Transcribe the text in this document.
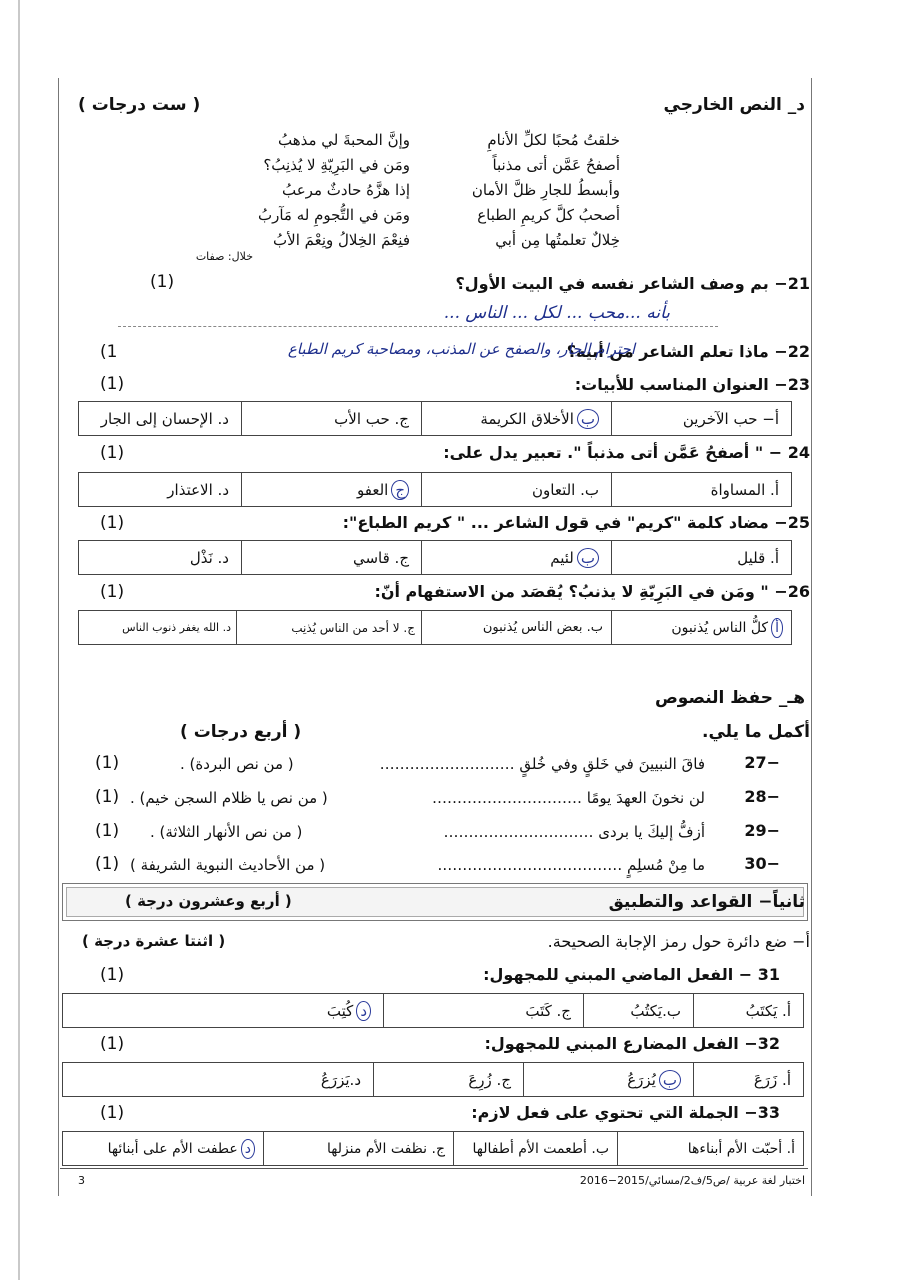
د_ النص الخارجي
( ست درجات )
خلقتُ مُحبًا لكلِّ الأنامِ
أصفحُ عَمَّن أتى مذنباً
وأبسطُ للجارِ ظلَّ الأمان
أصحبُ كلَّ كريمِ الطباع
خِلالٌ تعلمتُها مِن أبي
وإنَّ المحبةَ لي مذهبُ
ومَن في البَرِيّةِ لا يُذنِبُ؟
إذا هزَّهُ حادثٌ مرعبُ
ومَن في التُّجومِ له مَآربُ
فنِعْمَ الخِلالُ ونِعْمَ الأبُ
خلال: صفات
21− بم وصف الشاعر نفسه في البيت الأول؟
(1)
بأنه ...محب ... لكل ... الناس ...
22− ماذا تعلم الشاعر من أبيه؟
(1	احترام الجار، والصفح عن المذنب، ومصاحبة كريم الطباع
23− العنوان المناسب للأبيات:
(1)
أ− حب الآخرين
ب
الأخلاق الكريمة
ج. حب الأب
د. الإحسان إلى الجار
24 − " أصفحُ عَمَّن أتى مذنباً ". تعبير يدل على:
(1)
أ. المساواة
ب. التعاون
ج
العفو
د. الاعتذار
25− مضاد كلمة "كريم" في قول الشاعر ... " كريم الطباع":
(1)
أ. قليل
ب
لئيم
ج. قاسي
د. نَذْل
26− " ومَن في البَرِيّةِ لا يذنبُ؟ يُقصَد من الاستفهام أنّ:
(1)
أ
كلُّ الناس يُذنبون
ب. بعض الناس يُذنبون
ج. لا أحد من الناس يُذنِب
د. الله يغفر ذنوب الناس
هـ_ حفظ النصوص
أكمل ما يلي.
( أربع درجات )
−27
فاقَ النبيينَ في خَلقٍ وفي خُلقٍ ………………………
( من نص البردة) .
(1)
−28
لن نخونَ العهدَ يومًا …………………………
( من نص يا ظلام السجن خيم) .
(1)
−29
أزفُّ إليكَ يا بردى …………………………
( من نص الأنهار الثلاثة) .
(1)
−30
ما مِنْ مُسلِمٍ ……………………………….
( من الأحاديث النبوية الشريفة )
(1)
ثانياً− القواعد والتطبيق
( أربع وعشرون درجة )
أ− ضع دائرة حول رمز الإجابة الصحيحة.
( اثنتا عشرة درجة )
31 − الفعل الماضي المبني للمجهول:
(1)
أ. يَكتَبُ
ب.يَكتُبُ
ج. كَتَبَ
د
كُتِبَ
32− الفعل المضارع المبني للمجهول:
(1)
أ. زَرَعَ
ب
يُزرَعُ
ج. زُرِعَ
د.يَزرَعُ
33− الجملة التي تحتوي على فعل لازم:
(1)
أ. أحبّت الأم أبناءها
ب. أطعمت الأم أطفالها
ج. نظفت الأم منزلها
د
عطفت الأم على أبنائها
3	اختبار لغة عربية /ص5/ف2/مسائي/2015−2016
